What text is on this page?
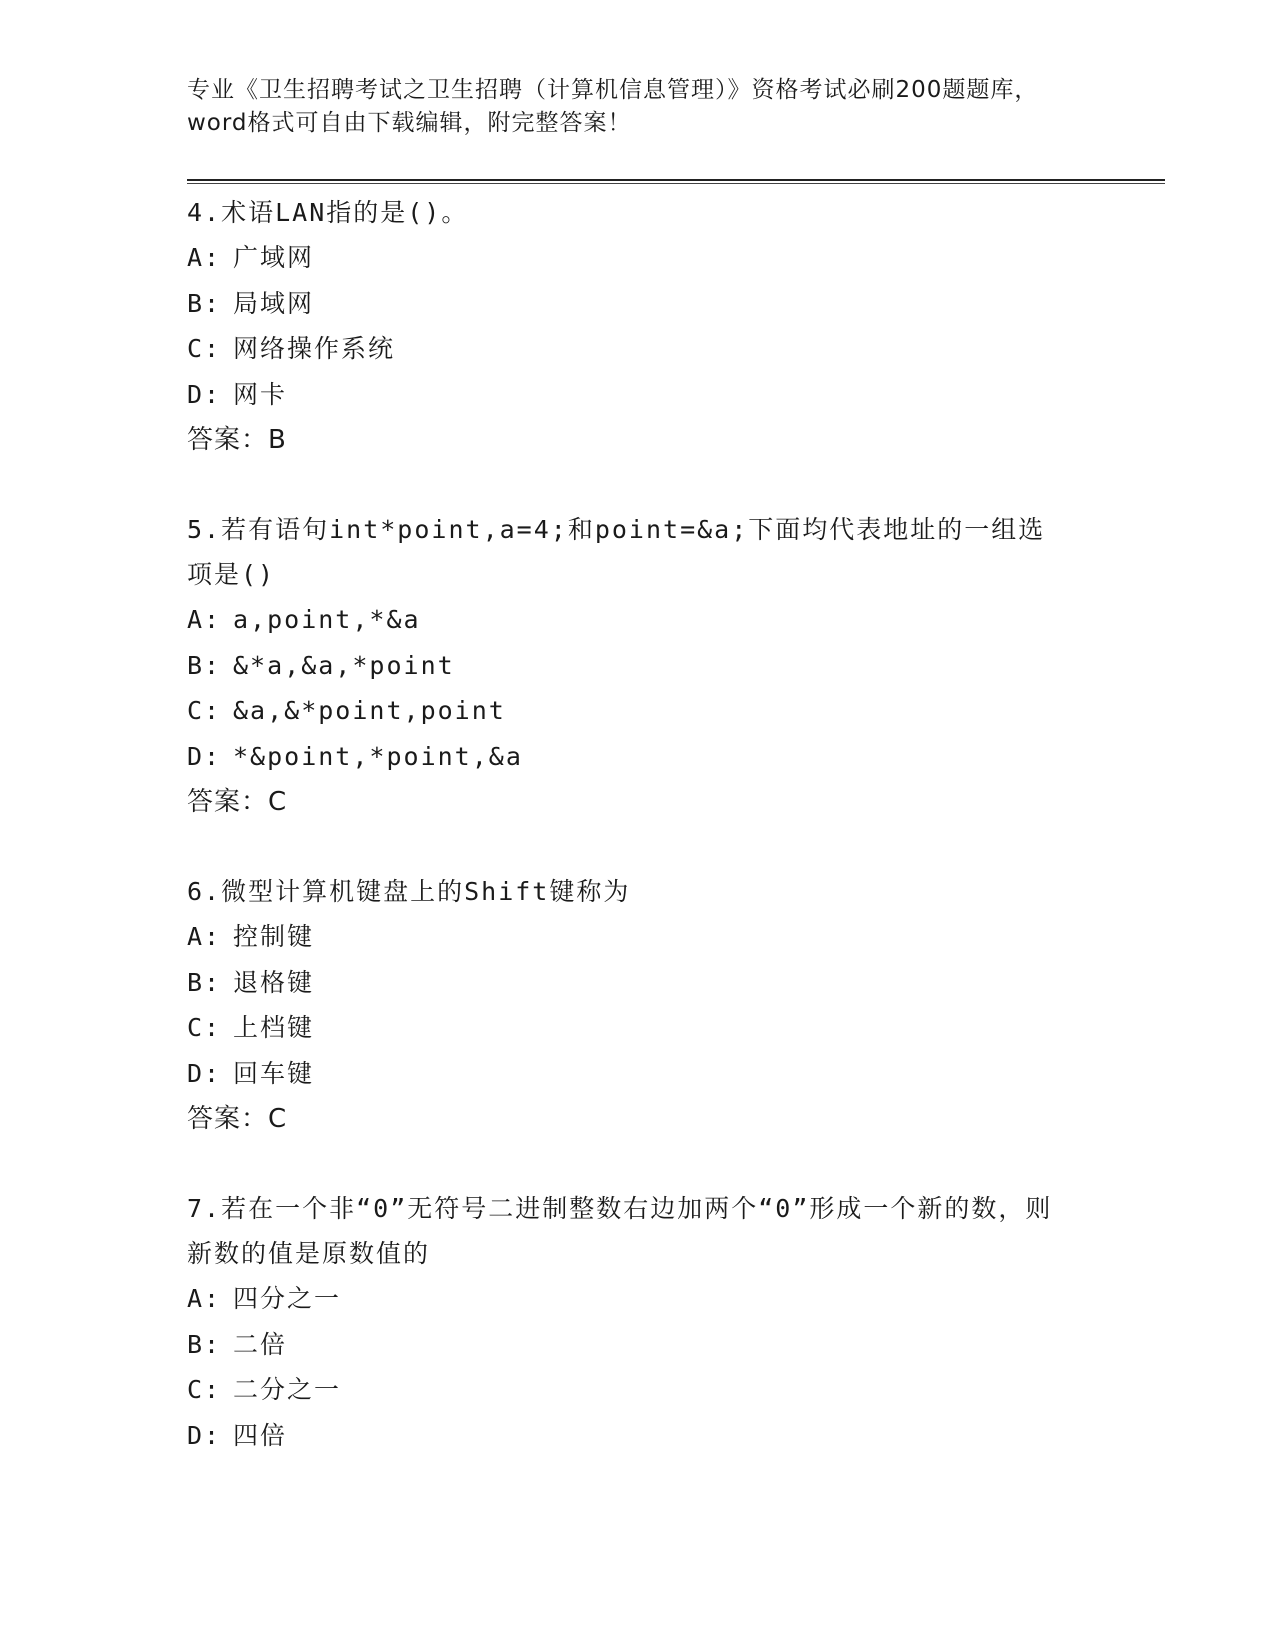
专业《卫生招聘考试之卫生招聘（计算机信息管理）》资格考试必刷200题题库，
word格式可自由下载编辑，附完整答案！
4.术语LAN指的是()。
A: 广域网
B: 局域网
C: 网络操作系统
D: 网卡
答案：B
5.若有语句int*point,a=4;和point=&a;下面均代表地址的一组选项是()
A: a,point,*&a
B: &*a,&a,*point
C: &a,&*point,point
D: *&point,*point,&a
答案：C
6.微型计算机键盘上的Shift键称为
A: 控制键
B: 退格键
C: 上档键
D: 回车键
答案：C
7.若在一个非“0”无符号二进制整数右边加两个“0”形成一个新的数，则新数的值是原数值的
A: 四分之一
B: 二倍
C: 二分之一
D: 四倍
